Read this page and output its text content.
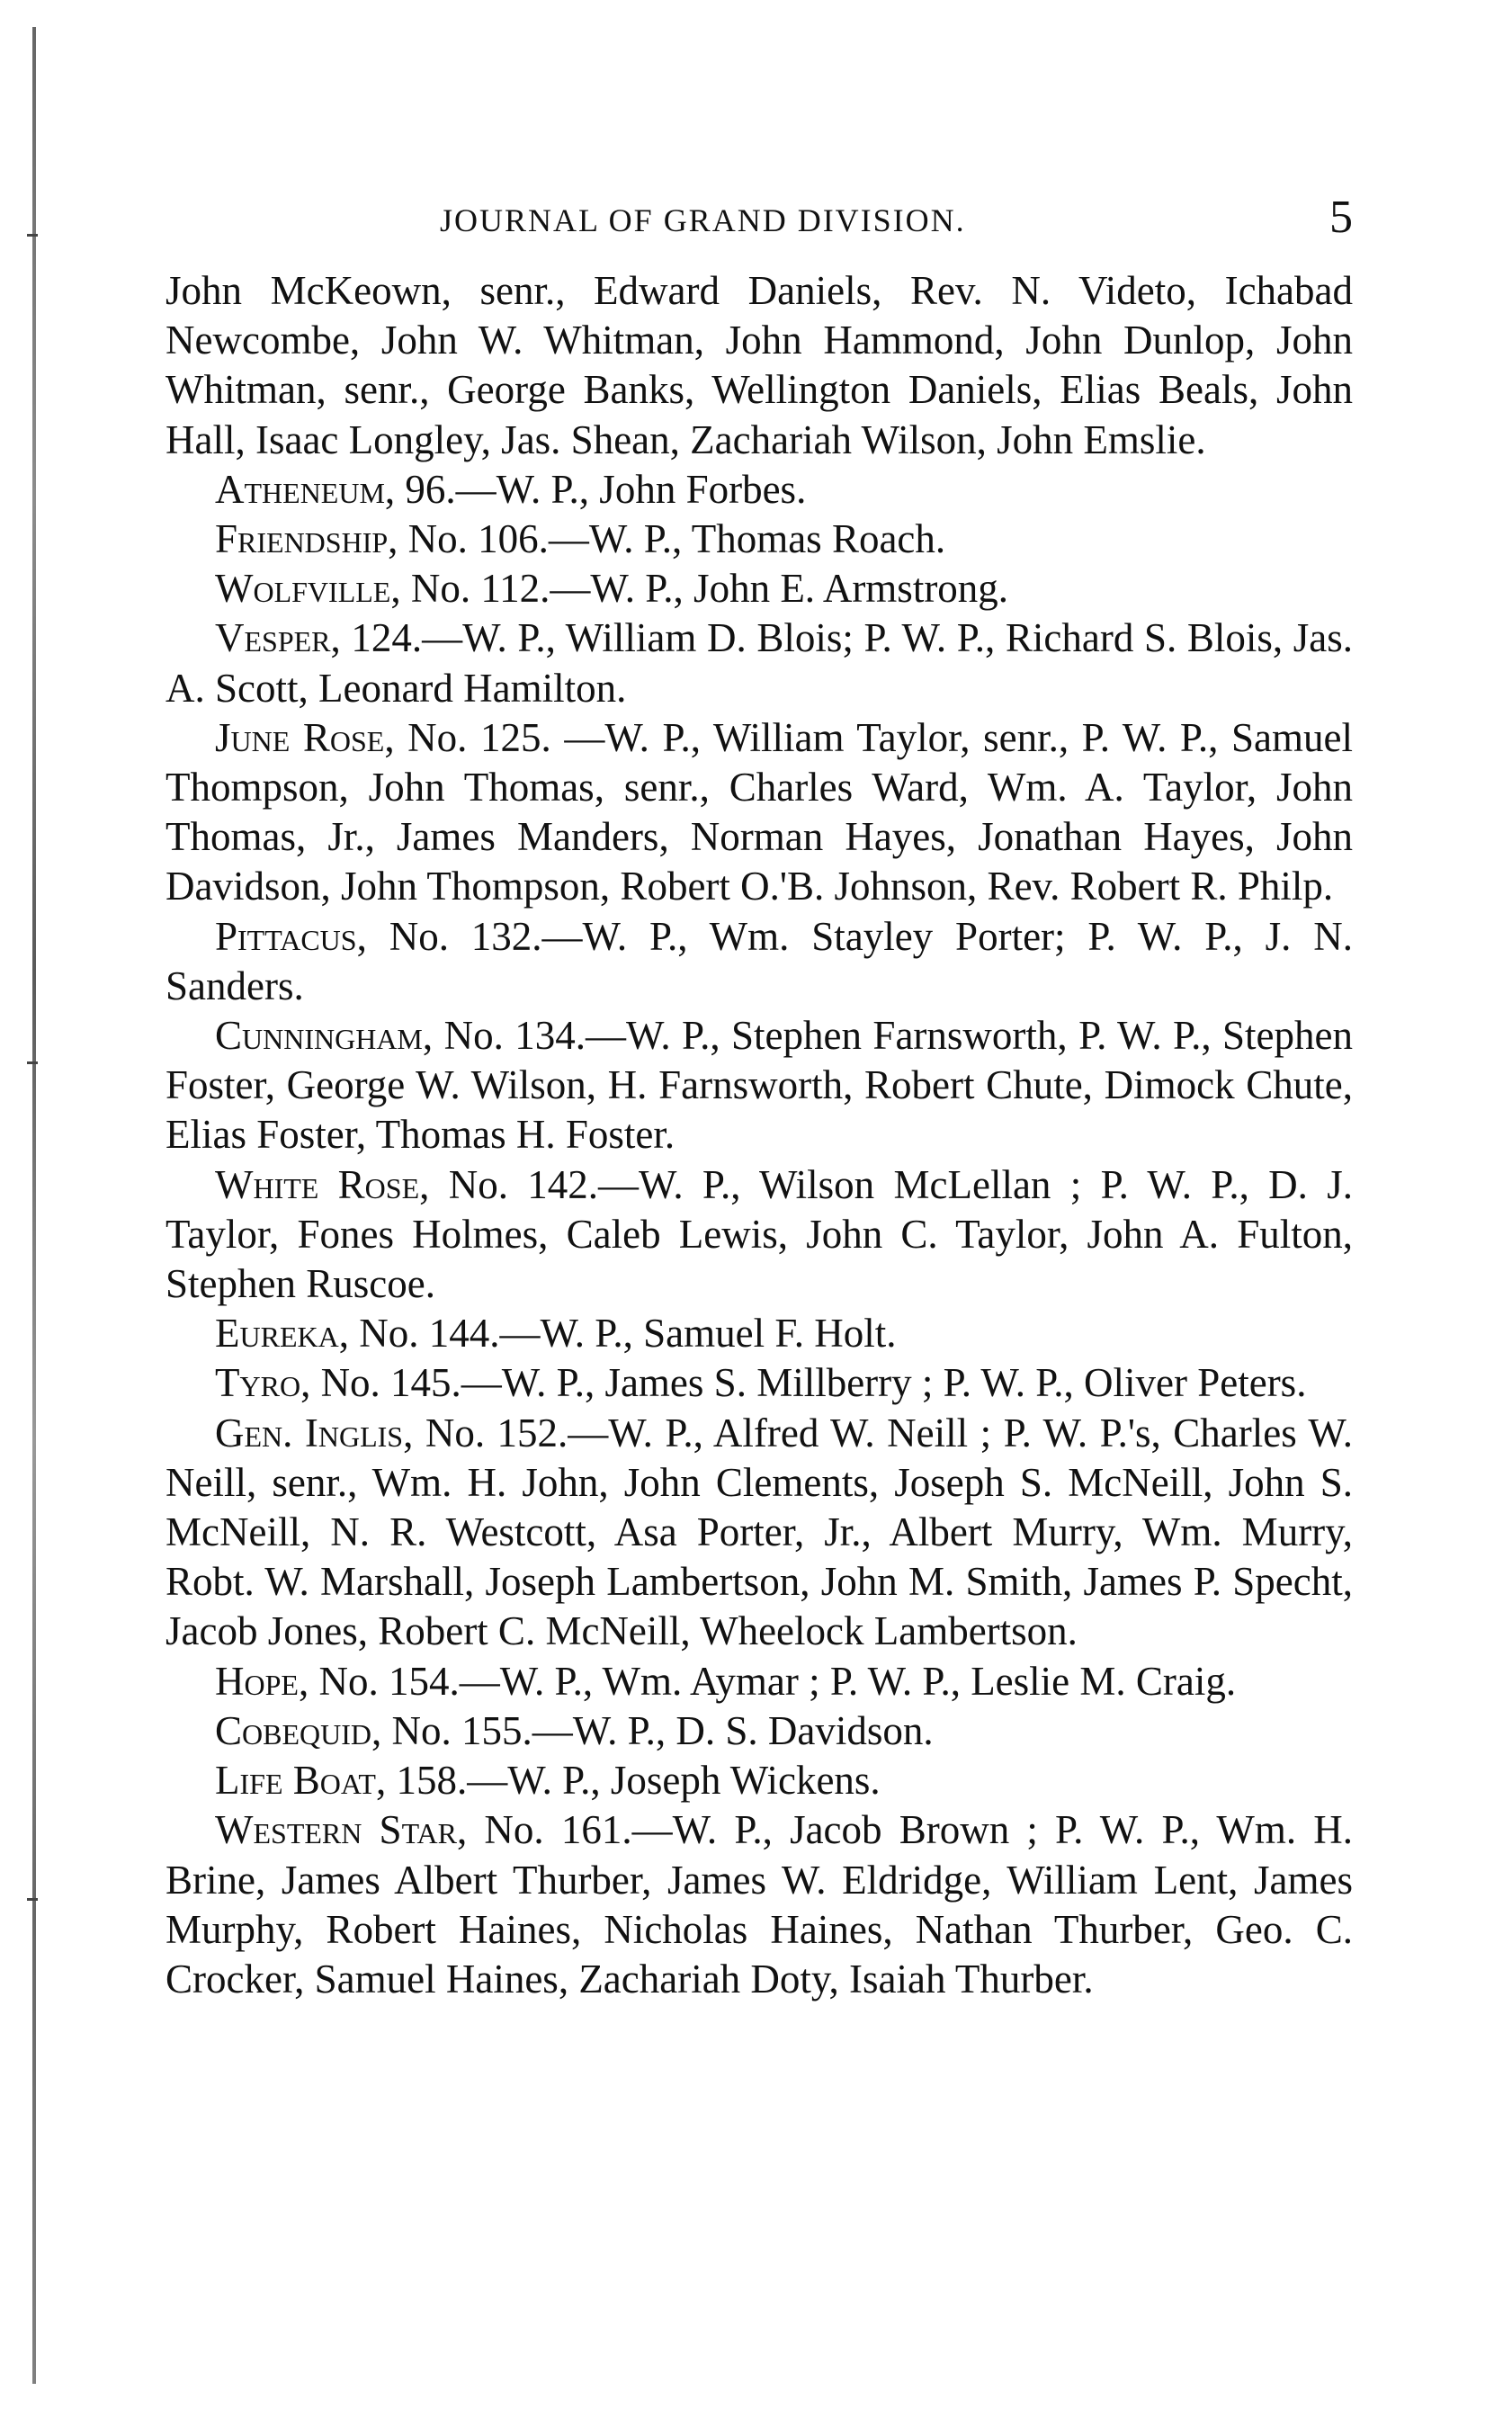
JOURNAL OF GRAND DIVISION.	5

John McKeown, senr., Edward Daniels, Rev. N. Videto, Ichabad Newcombe, John W. Whitman, John Hammond, John Dunlop, John Whitman, senr., George Banks, Wellington Daniels, Elias Beals, John Hall, Isaac Longley, Jas. Shean, Zachariah Wilson, John Emslie.

Atheneum, 96.—W. P., John Forbes.

Friendship, No. 106.—W. P., Thomas Roach.

Wolfville, No. 112.—W. P., John E. Armstrong.

Vesper, 124.—W. P., William D. Blois; P. W. P., Richard S. Blois, Jas. A. Scott, Leonard Hamilton.

June Rose, No. 125. —W. P., William Taylor, senr., P. W. P., Samuel Thompson, John Thomas, senr., Charles Ward, Wm. A. Taylor, John Thomas, Jr., James Manders, Norman Hayes, Jonathan Hayes, John Davidson, John Thompson, Robert O.'B. Johnson, Rev. Robert R. Philp.

Pittacus, No. 132.—W. P., Wm. Stayley Porter; P. W. P., J. N. Sanders.

Cunningham, No. 134.—W. P., Stephen Farnsworth, P. W. P., Stephen Foster, George W. Wilson, H. Farnsworth, Robert Chute, Dimock Chute, Elias Foster, Thomas H. Foster.

White Rose, No. 142.—W. P., Wilson McLellan ; P. W. P., D. J. Taylor, Fones Holmes, Caleb Lewis, John C. Taylor, John A. Fulton, Stephen Ruscoe.

Eureka, No. 144.—W. P., Samuel F. Holt.

Tyro, No. 145.—W. P., James S. Millberry ; P. W. P., Oliver Peters.

Gen. Inglis, No. 152.—W. P., Alfred W. Neill ; P. W. P.'s, Charles W. Neill, senr., Wm. H. John, John Clements, Joseph S. McNeill, John S. McNeill, N. R. Westcott, Asa Porter, Jr., Albert Murry, Wm. Murry, Robt. W. Marshall, Joseph Lambertson, John M. Smith, James P. Specht, Jacob Jones, Robert C. McNeill, Wheelock Lambertson.

Hope, No. 154.—W. P., Wm. Aymar ; P. W. P., Leslie M. Craig.

Cobequid, No. 155.—W. P., D. S. Davidson.

Life Boat, 158.—W. P., Joseph Wickens.

Western Star, No. 161.—W. P., Jacob Brown ; P. W. P., Wm. H. Brine, James Albert Thurber, James W. Eldridge, William Lent, James Murphy, Robert Haines, Nicholas Haines, Nathan Thurber, Geo. C. Crocker, Samuel Haines, Zachariah Doty, Isaiah Thurber.
